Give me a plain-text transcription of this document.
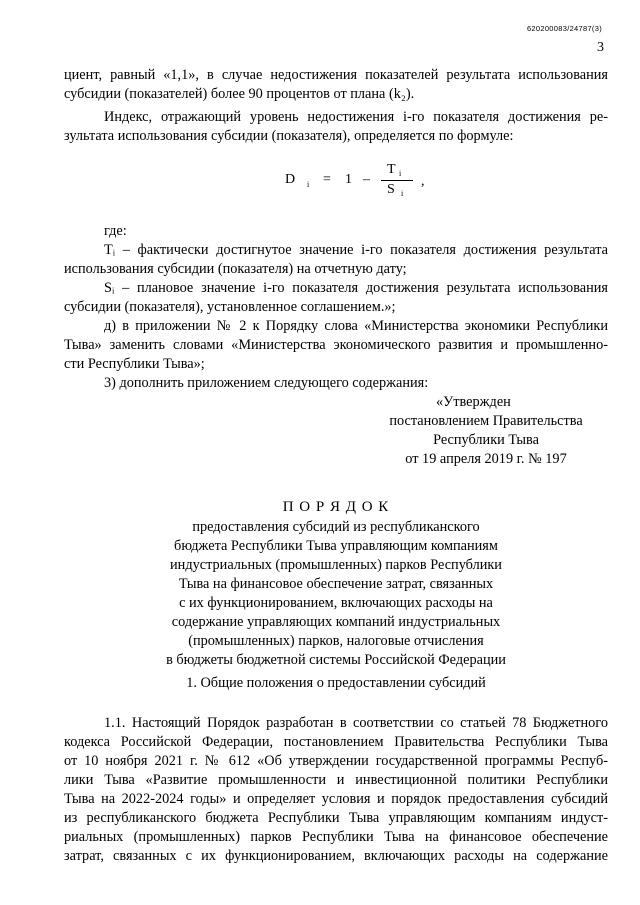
620200083/24787(3)
3
циент, равный «1,1», в случае недостижения показателей результата использования
субсидии (показателей) более 90 процентов от плана (k₂).
Индекс, отражающий уровень недостижения i-го показателя достижения ре-
зультата использования субсидии (показателя), определяется по формуле:
D i = 1 –
T i
S i
,
где:
Tᵢ – фактически достигнутое значение i-го показателя достижения результата
использования субсидии (показателя) на отчетную дату;
Sᵢ – плановое значение i-го показателя достижения результата использования
субсидии (показателя), установленное соглашением.»;
д) в приложении № 2 к Порядку слова «Министерства экономики Республики
Тыва» заменить словами «Министерства экономического развития и промышленно-
сти Республики Тыва»;
3) дополнить приложением следующего содержания:
«Утвержден
постановлением Правительства
Республики Тыва
от 19 апреля 2019 г. № 197
П О Р Я Д О К
предоставления субсидий из республиканского
бюджета Республики Тыва управляющим компаниям
индустриальных (промышленных) парков Республики
Тыва на финансовое обеспечение затрат, связанных
с их функционированием, включающих расходы на
содержание управляющих компаний индустриальных
(промышленных) парков, налоговые отчисления
в бюджеты бюджетной системы Российской Федерации
1. Общие положения о предоставлении субсидий
1.1. Настоящий Порядок разработан в соответствии со статьей 78 Бюджетного
кодекса Российской Федерации, постановлением Правительства Республики Тыва
от 10 ноября 2021 г. № 612 «Об утверждении государственной программы Респуб-
лики Тыва «Развитие промышленности и инвестиционной политики Республики
Тыва на 2022-2024 годы» и определяет условия и порядок предоставления субсидий
из республиканского бюджета Республики Тыва управляющим компаниям индуст-
риальных (промышленных) парков Республики Тыва на финансовое обеспечение
затрат, связанных с их функционированием, включающих расходы на содержание
